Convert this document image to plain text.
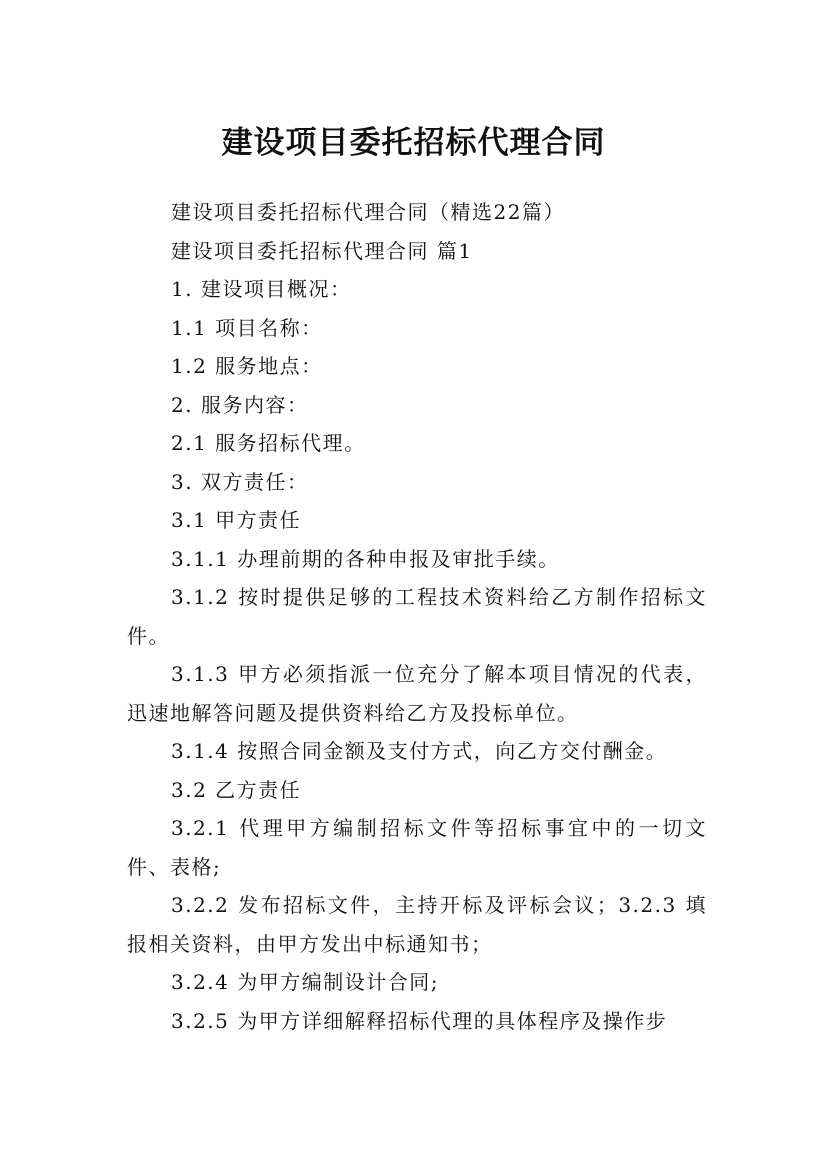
建设项目委托招标代理合同

建设项目委托招标代理合同（精选22篇）

建设项目委托招标代理合同 篇1

1. 建设项目概况：

1.1 项目名称：

1.2 服务地点：

2. 服务内容：

2.1 服务招标代理。

3. 双方责任：

3.1 甲方责任

3.1.1 办理前期的各种申报及审批手续。

3.1.2 按时提供足够的工程技术资料给乙方制作招标文件。

3.1.3 甲方必须指派一位充分了解本项目情况的代表，迅速地解答问题及提供资料给乙方及投标单位。

3.1.4 按照合同金额及支付方式，向乙方交付酬金。

3.2 乙方责任

3.2.1 代理甲方编制招标文件等招标事宜中的一切文件、表格;

3.2.2 发布招标文件，主持开标及评标会议；3.2.3 填报相关资料，由甲方发出中标通知书；

3.2.4 为甲方编制设计合同;

3.2.5 为甲方详细解释招标代理的具体程序及操作步
